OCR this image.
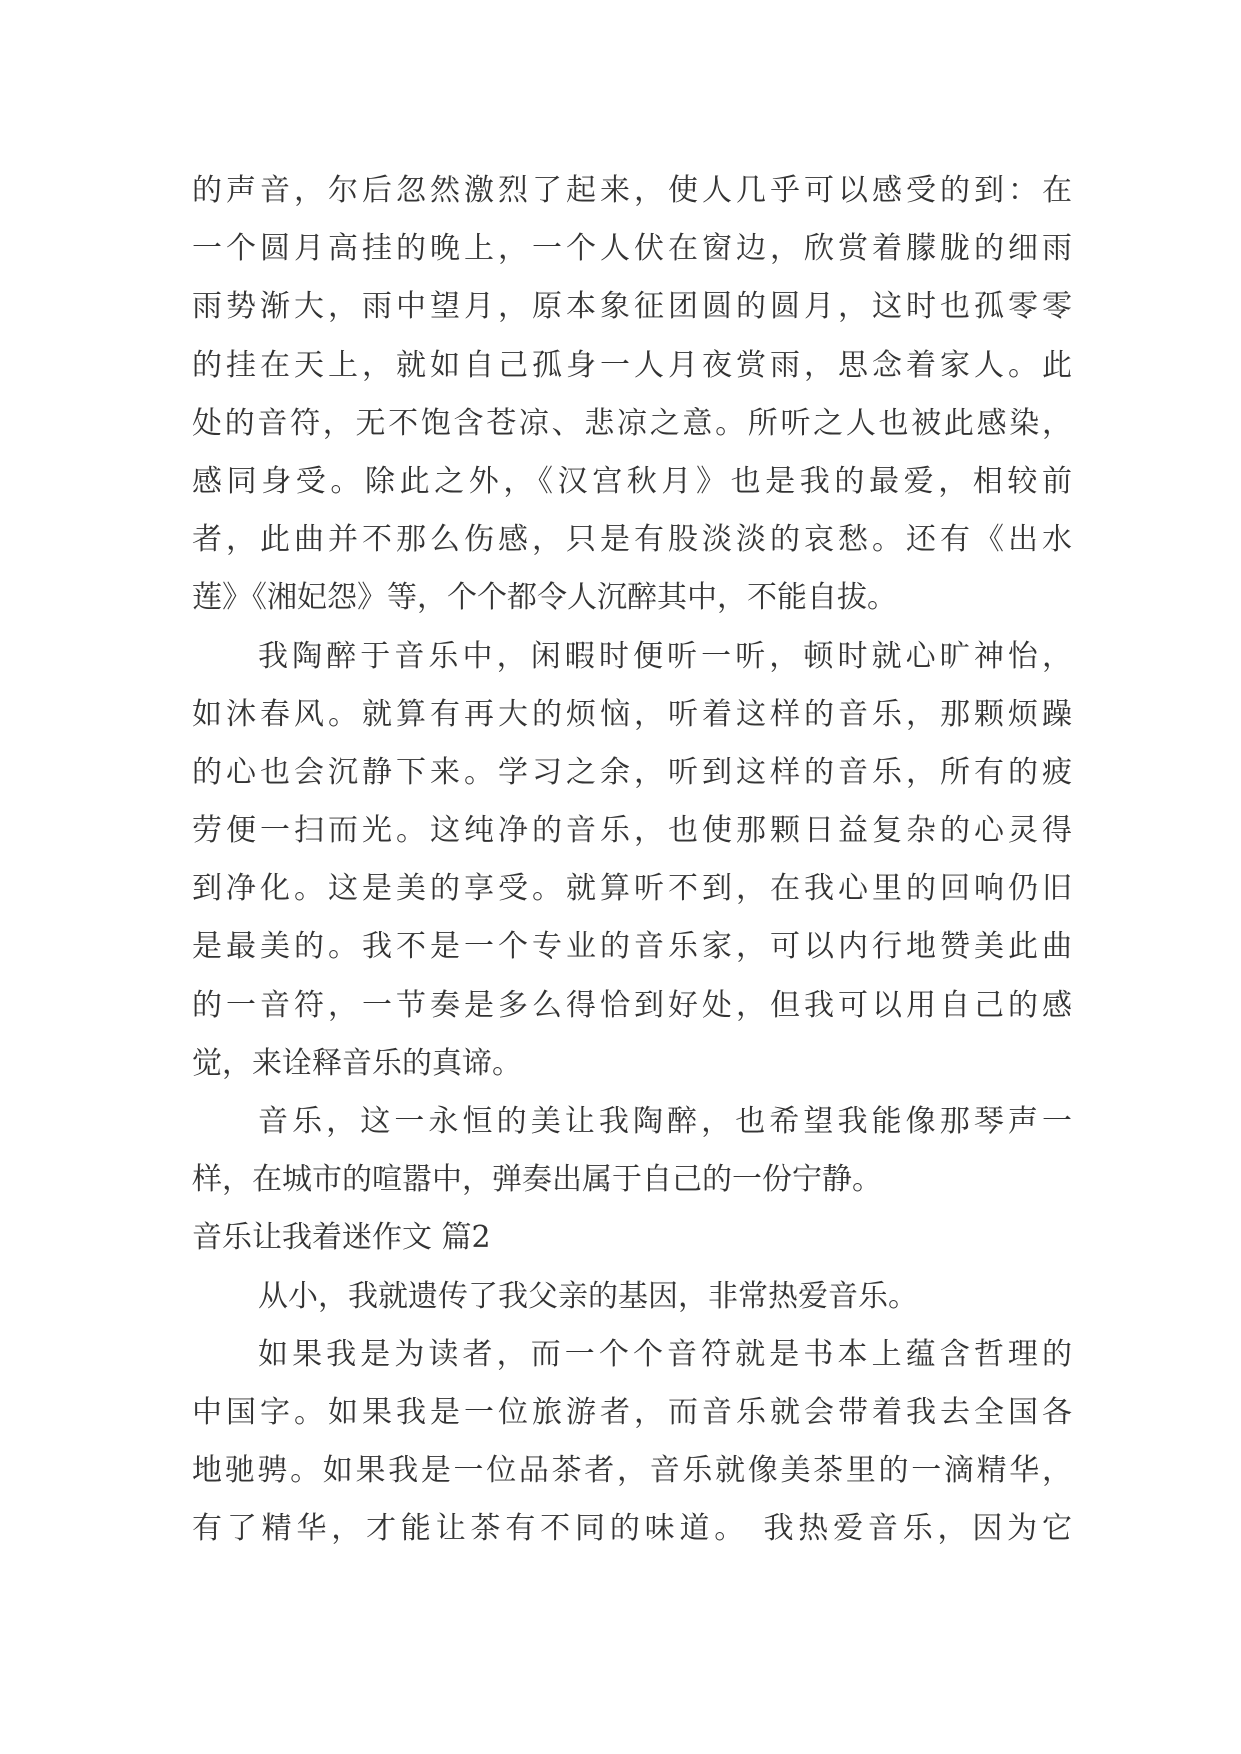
的声音，尔后忽然激烈了起来，使人几乎可以感受的到：在
一个圆月高挂的晚上，一个人伏在窗边，欣赏着朦胧的细雨
雨势渐大，雨中望月，原本象征团圆的圆月，这时也孤零零
的挂在天上，就如自己孤身一人月夜赏雨，思念着家人。此
处的音符，无不饱含苍凉、悲凉之意。所听之人也被此感染，
感同身受。除此之外，《汉宫秋月》也是我的最爱，相较前
者，此曲并不那么伤感，只是有股淡淡的哀愁。还有《出水
莲》《湘妃怨》等，个个都令人沉醉其中，不能自拔。
我陶醉于音乐中，闲暇时便听一听，顿时就心旷神怡，
如沐春风。就算有再大的烦恼，听着这样的音乐，那颗烦躁
的心也会沉静下来。学习之余，听到这样的音乐，所有的疲
劳便一扫而光。这纯净的音乐，也使那颗日益复杂的心灵得
到净化。这是美的享受。就算听不到，在我心里的回响仍旧
是最美的。我不是一个专业的音乐家，可以内行地赞美此曲
的一音符，一节奏是多么得恰到好处，但我可以用自己的感
觉，来诠释音乐的真谛。
音乐，这一永恒的美让我陶醉，也希望我能像那琴声一
样，在城市的喧嚣中，弹奏出属于自己的一份宁静。
音乐让我着迷作文 篇2
从小，我就遗传了我父亲的基因，非常热爱音乐。
如果我是为读者，而一个个音符就是书本上蕴含哲理的
中国字。如果我是一位旅游者，而音乐就会带着我去全国各
地驰骋。如果我是一位品茶者，音乐就像美茶里的一滴精华，
有了精华，才能让茶有不同的味道。 我热爱音乐，因为它
